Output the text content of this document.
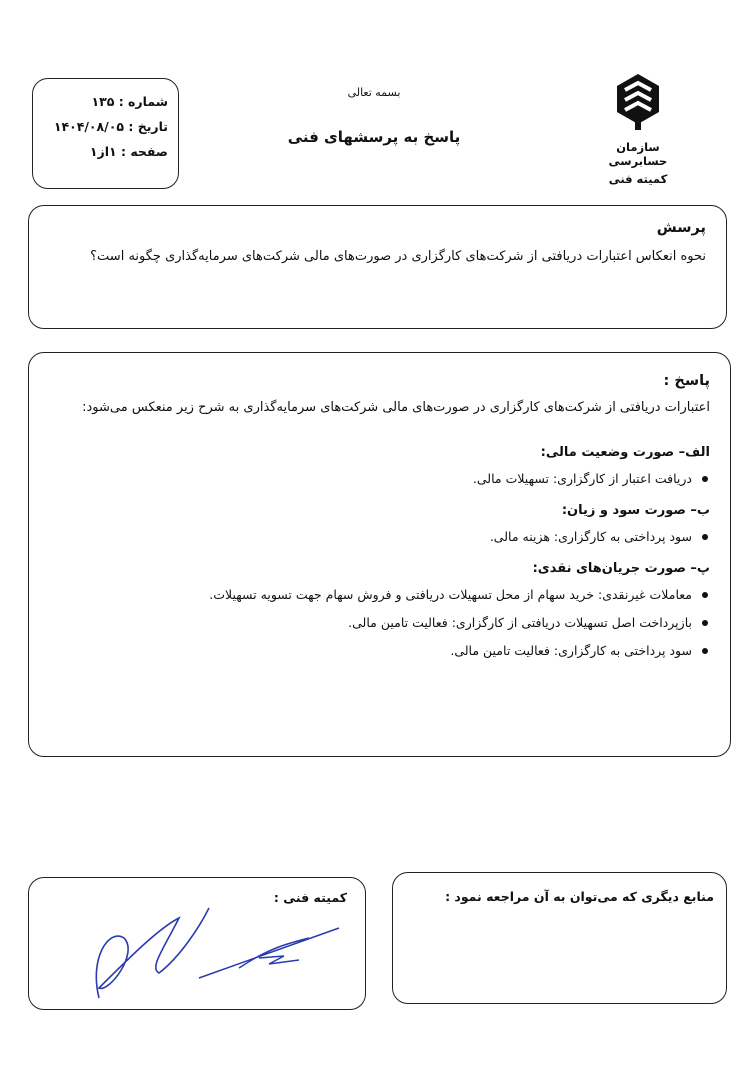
شماره : ۱۳۵
تاریخ : ۱۴۰۴/۰۸/۰۵
صفحه : ۱از۱
بسمه تعالی
پاسخ به پرسشهای فنی
سازمان حسابرسی
کمیته فنی
پرسش
نحوه انعکاس اعتبارات دریافتی از شرکت‌های کارگزاری در صورت‌های مالی شرکت‌های سرمایه‌گذاری چگونه است؟
پاسخ :
اعتبارات دریافتی از شرکت‌های کارگزاری در صورت‌های مالی شرکت‌های سرمایه‌گذاری به شرح زیر منعکس می‌شود:
الف– صورت وضعیت مالی:
دریافت اعتبار از کارگزاری: تسهیلات مالی.
ب– صورت سود و زیان:
سود پرداختی به کارگزاری: هزینه مالی.
پ– صورت جریان‌های نقدی:
معاملات غیرنقدی: خرید سهام از محل تسهیلات دریافتی و فروش سهام جهت تسویه تسهیلات.
بازپرداخت اصل تسهیلات دریافتی از کارگزاری: فعالیت تامین مالی.
سود پرداختی به کارگزاری: فعالیت تامین مالی.
کمیته فنی :	منابع دیگری که می‌توان به آن مراجعه نمود :
